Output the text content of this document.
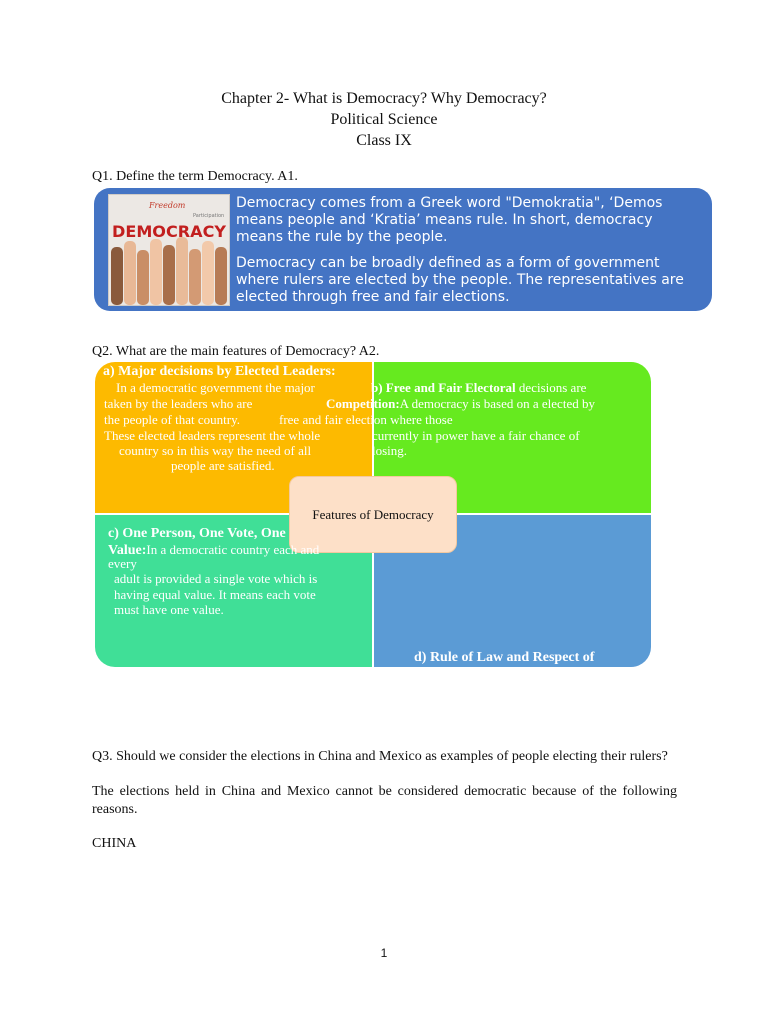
Chapter 2- What is Democracy? Why Democracy?
Political Science
Class IX
Q1. Define the term Democracy. A1.
Freedom
Participation
DEMOCRACY
Democracy comes from a Greek word "Demokratia", ‘Demos means people and ‘Kratia’ means rule. In short, democracy means the rule by the people.
Democracy can be broadly defined as a form of government where rulers are elected by the people. The representatives are elected through free and fair elections.
Q2. What are the main features of Democracy? A2.
a) Major decisions by Elected Leaders:
In a democratic government the major
taken by the leaders who are
the people of that country.
These elected leaders represent the whole
country so in this way the need of all
people are satisfied.
b) Free and Fair Electoral decisions are
Competition:A democracy is based on a elected by
free and fair election where those
currently in power have a fair chance of
losing.
Features of Democracy
c) One Person, One Vote, One
Value:In a democratic country each and
every
adult is provided a single vote which is
having equal value. It means each vote
must have one value.
d) Rule of Law and Respect of
Q3. Should we consider the elections in China and Mexico as examples of people electing their rulers?
The elections held in China and Mexico cannot be considered democratic because of the following reasons.
CHINA
1
